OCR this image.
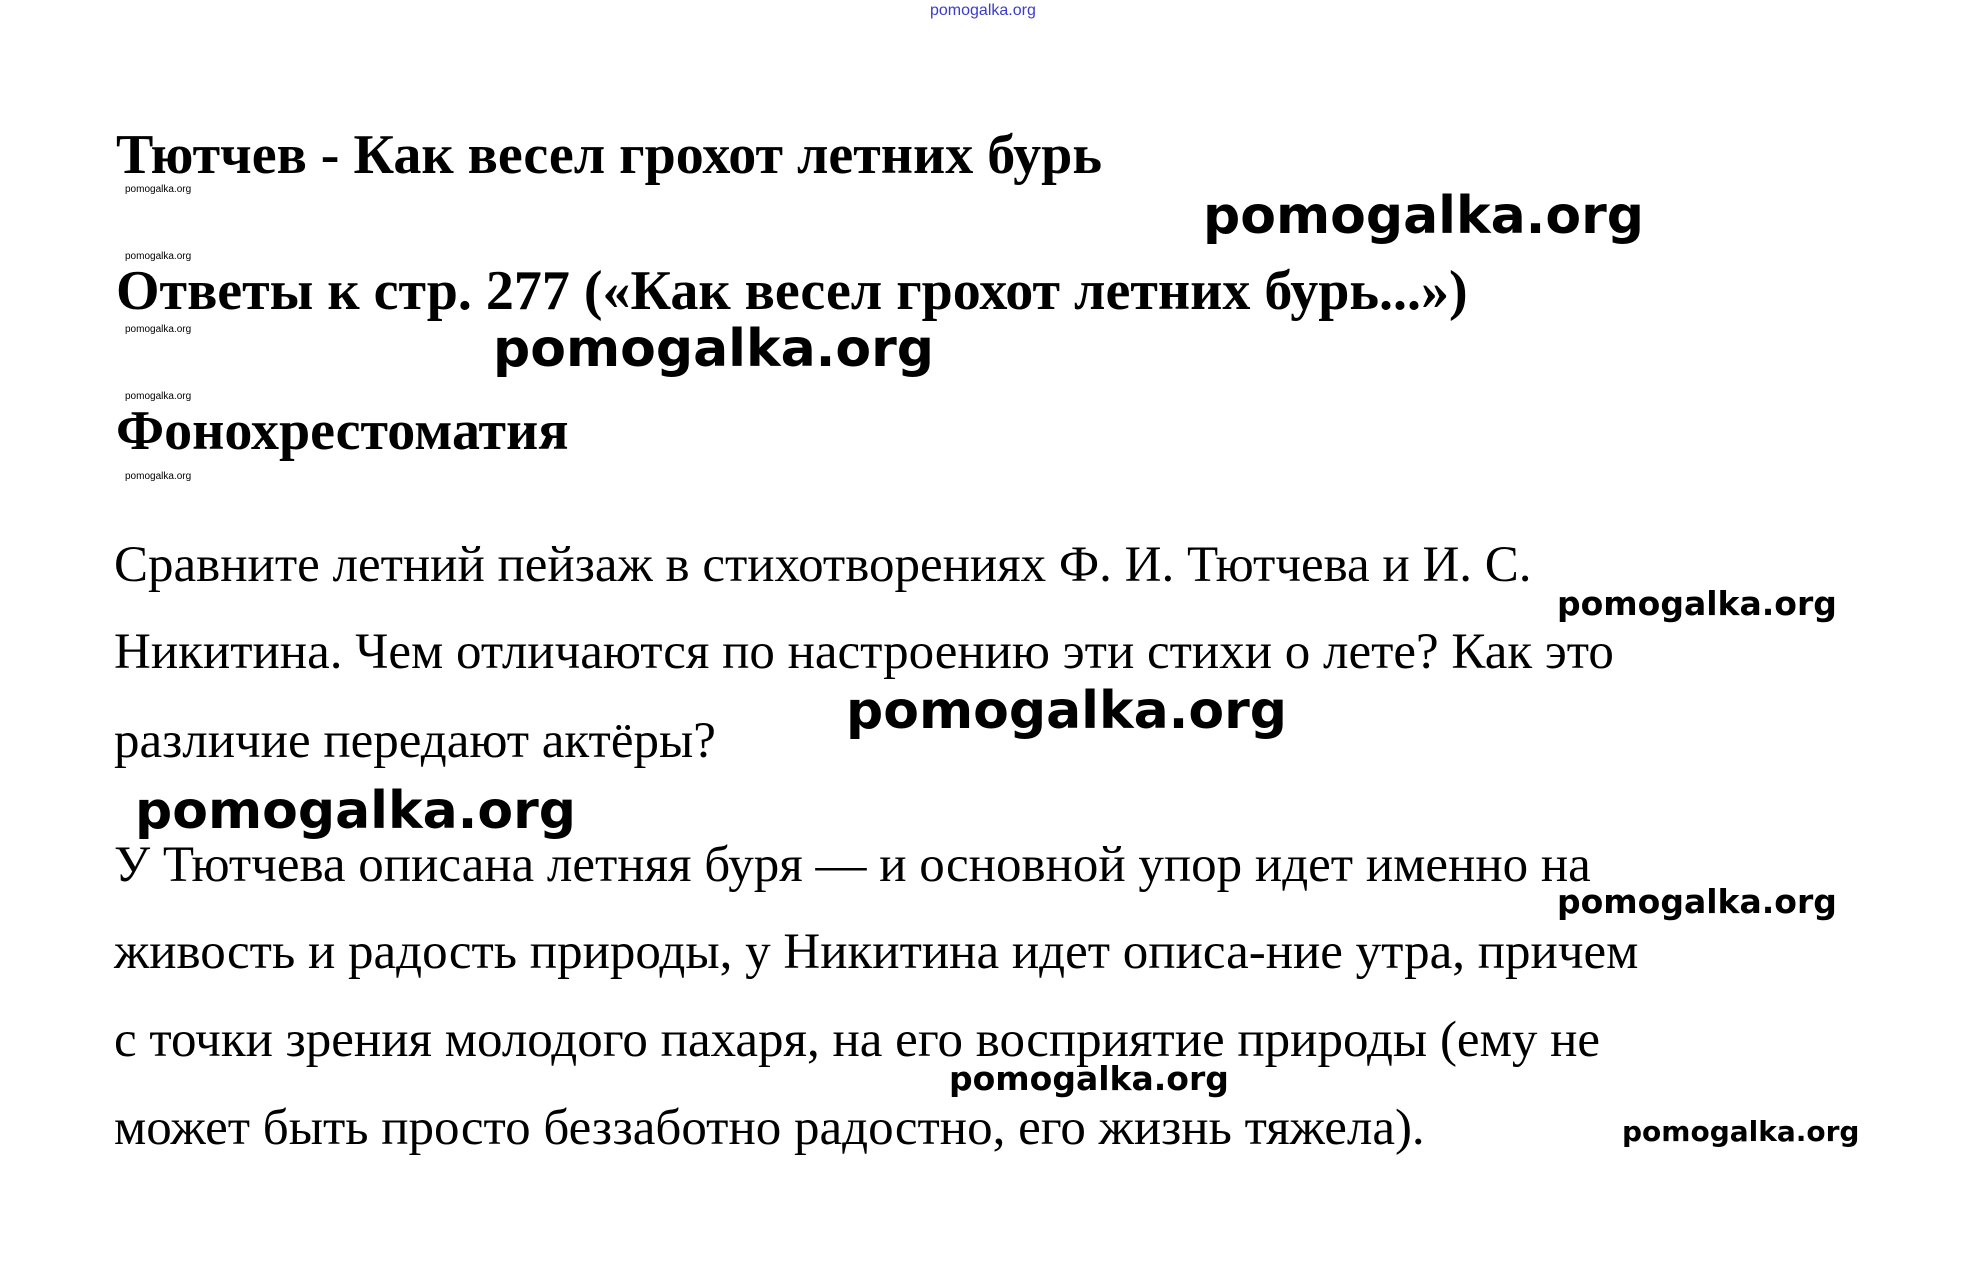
pomogalka.org
Тютчев - Как весел грохот летних бурь
pomogalka.org	pomogalka.org
pomogalka.org
Ответы к стр. 277 («Как весел грохот летних бурь...»)
pomogalka.org	pomogalka.org
pomogalka.org
Фонохрестоматия
pomogalka.org
Сравните летний пейзаж в стихотворениях Ф. И. Тютчева и И. С.
pomogalka.org
Никитина. Чем отличаются по настроению эти стихи о лете? Как это
различие передают актёры?	pomogalka.org
pomogalka.org
У Тютчева описана летняя буря — и основной упор идет именно на
pomogalka.org
живость и радость природы, у Никитина идет описа-ние утра, причем
с точки зрения молодого пахаря, на его восприятие природы (ему не
pomogalka.org
может быть просто беззаботно радостно, его жизнь тяжела).	pomogalka.org
